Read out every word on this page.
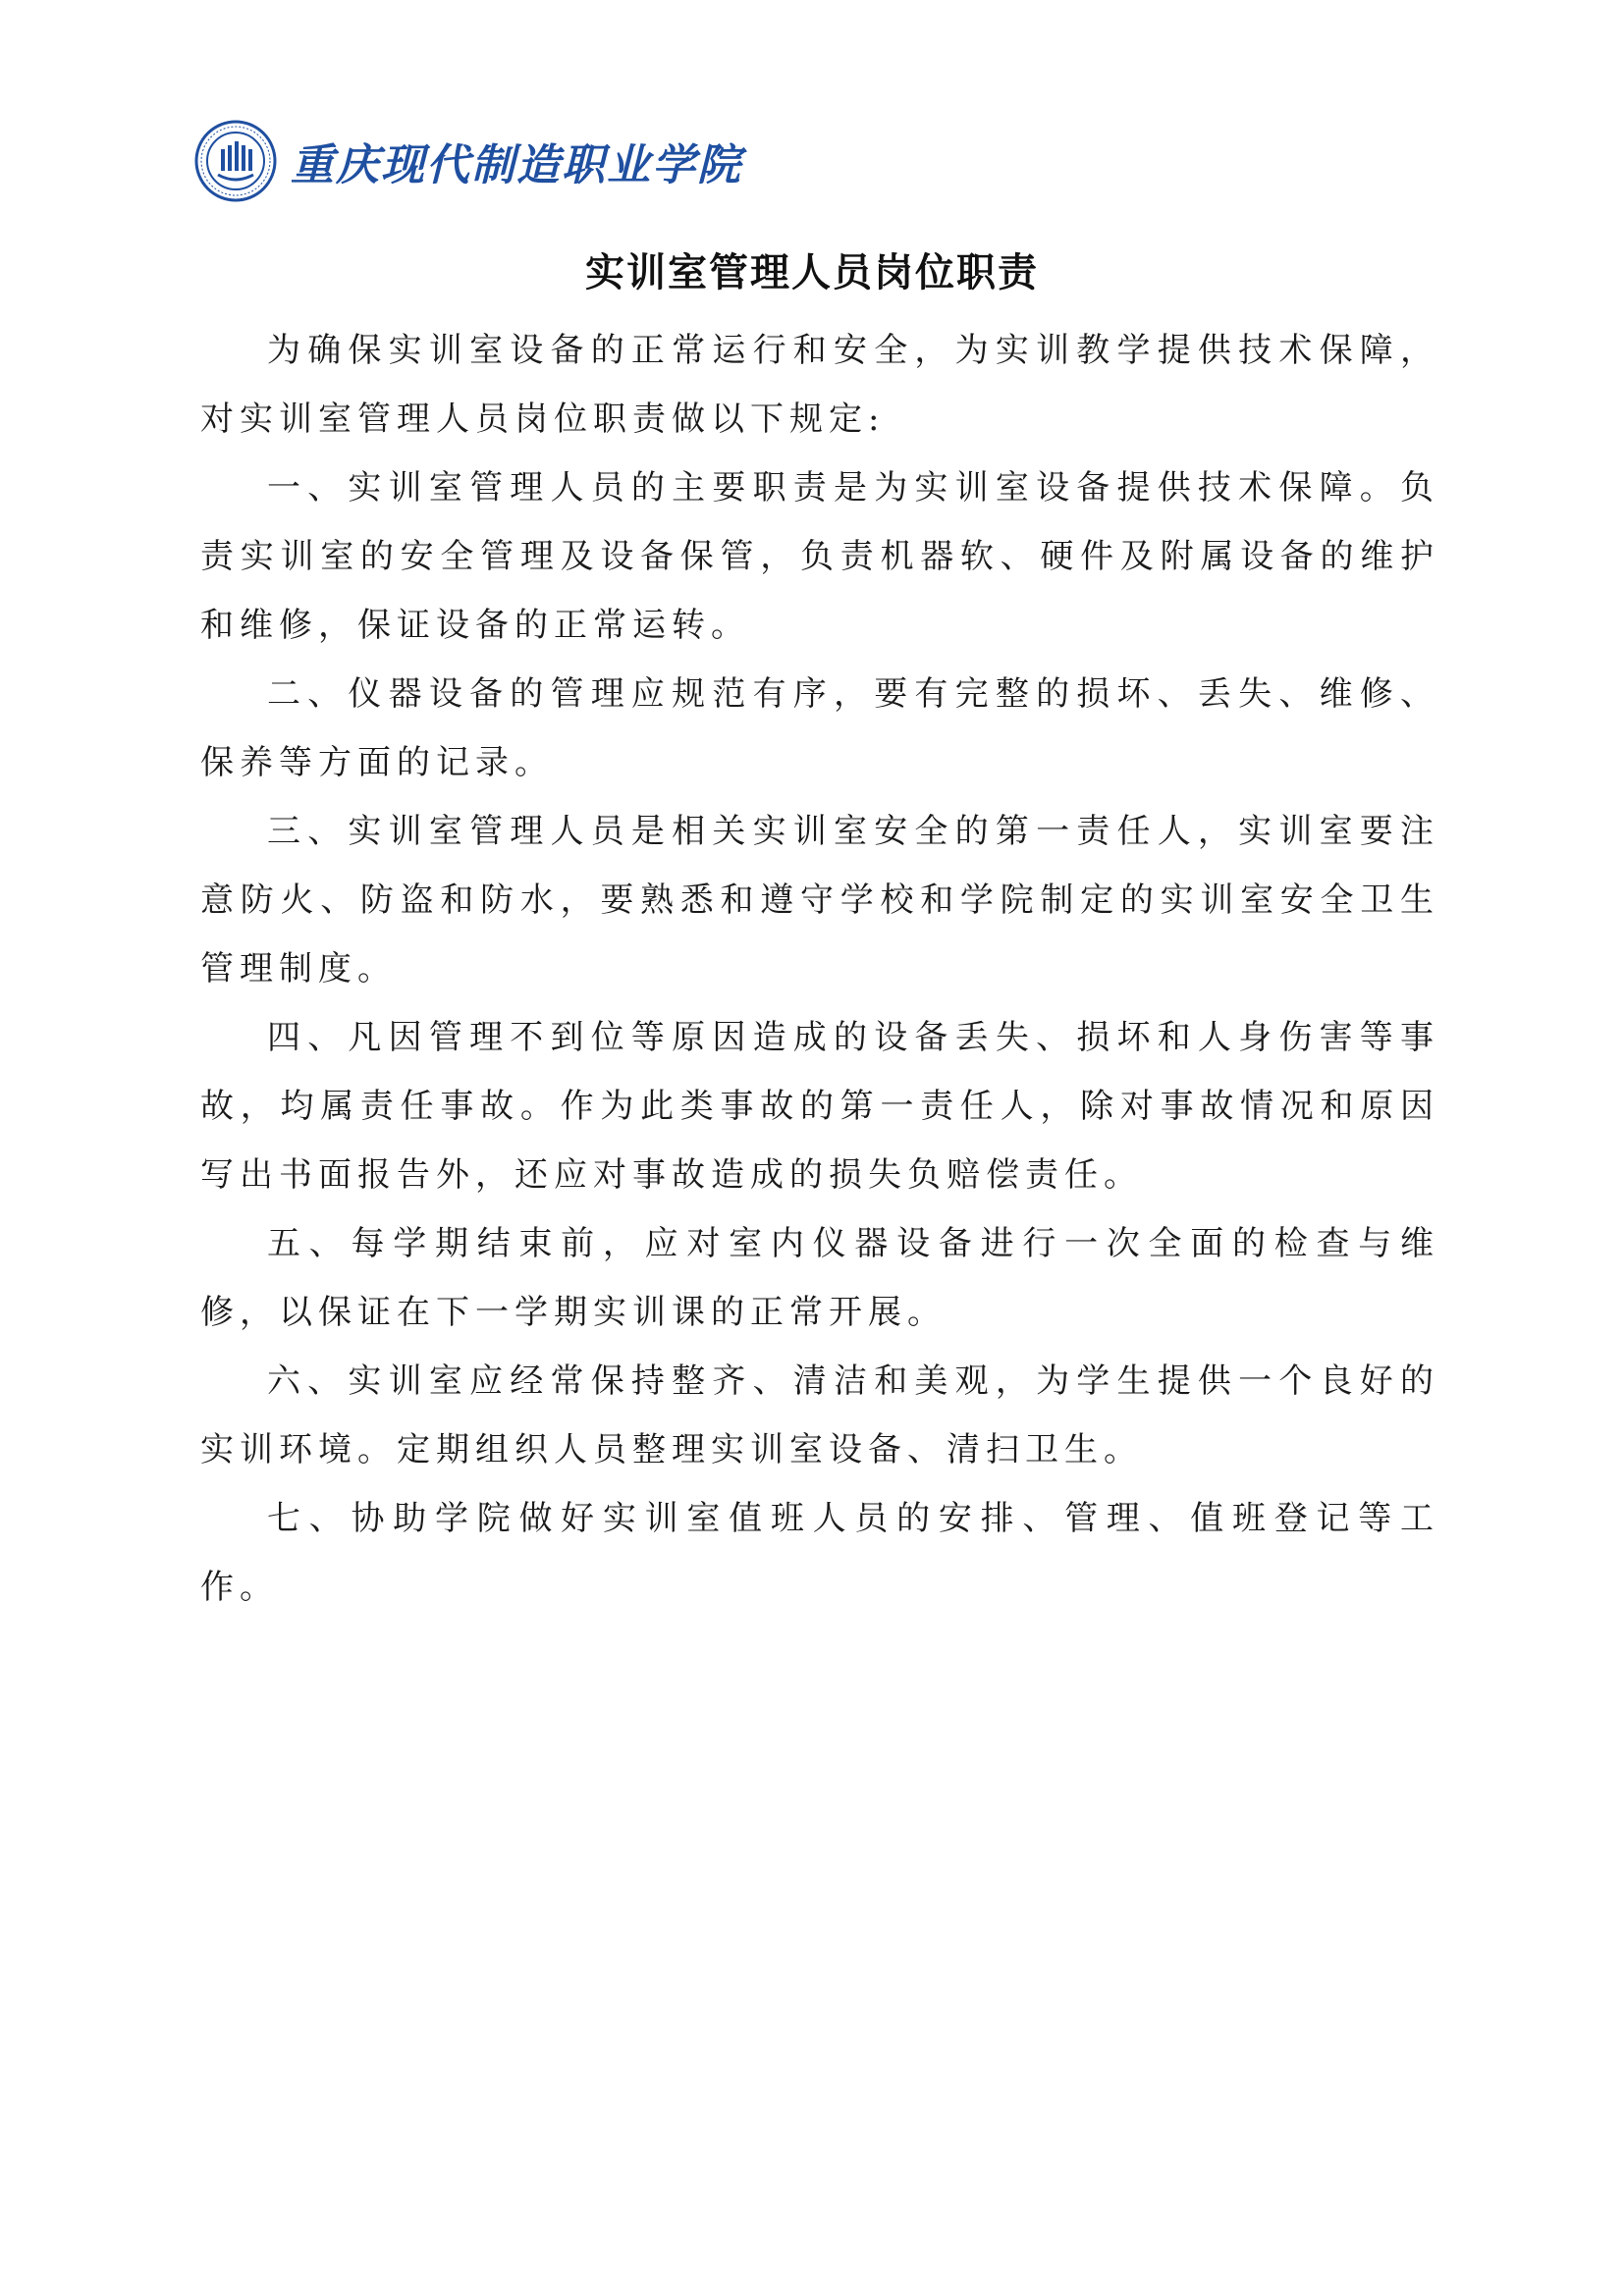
重庆现代制造职业学院
实训室管理人员岗位职责

为确保实训室设备的正常运行和安全，为实训教学提供技术保障，对实训室管理人员岗位职责做以下规定:

一、实训室管理人员的主要职责是为实训室设备提供技术保障。负责实训室的安全管理及设备保管，负责机器软、硬件及附属设备的维护和维修，保证设备的正常运转。

二、仪器设备的管理应规范有序，要有完整的损坏、丢失、维修、保养等方面的记录。

三、实训室管理人员是相关实训室安全的第一责任人，实训室要注意防火、防盗和防水，要熟悉和遵守学校和学院制定的实训室安全卫生管理制度。

四、凡因管理不到位等原因造成的设备丢失、损坏和人身伤害等事故，均属责任事故。作为此类事故的第一责任人，除对事故情况和原因写出书面报告外，还应对事故造成的损失负赔偿责任。

五、每学期结束前，应对室内仪器设备进行一次全面的检查与维修，以保证在下一学期实训课的正常开展。

六、实训室应经常保持整齐、清洁和美观，为学生提供一个良好的实训环境。定期组织人员整理实训室设备、清扫卫生。

七、协助学院做好实训室值班人员的安排、管理、值班登记等工作。
